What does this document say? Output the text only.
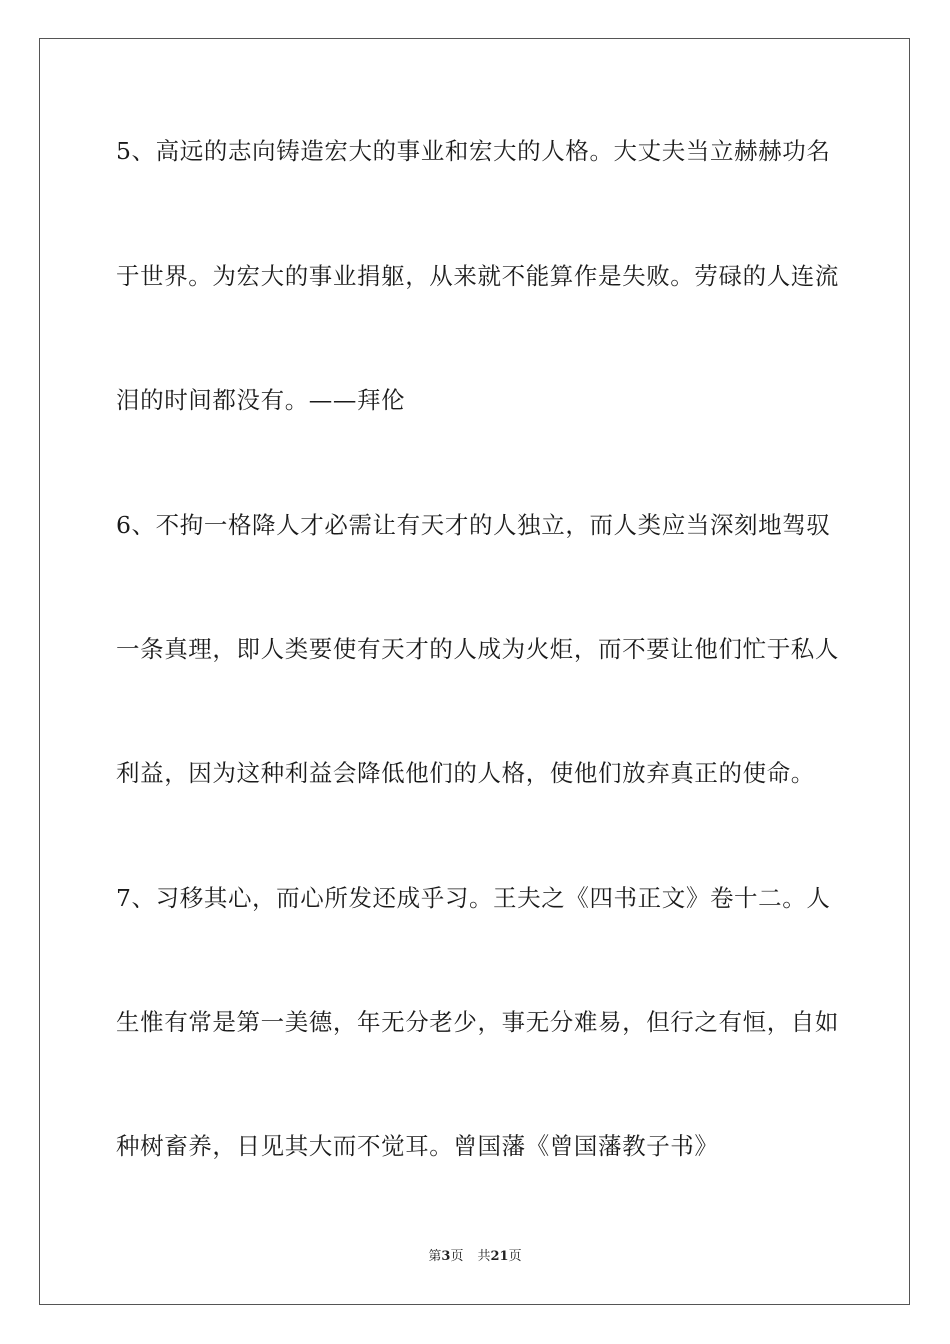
5、高远的志向铸造宏大的事业和宏大的人格。大丈夫当立赫赫功名
于世界。为宏大的事业捐躯，从来就不能算作是失败。劳碌的人连流
泪的时间都没有。——拜伦
6、不拘一格降人才必需让有天才的人独立，而人类应当深刻地驾驭
一条真理，即人类要使有天才的人成为火炬，而不要让他们忙于私人
利益，因为这种利益会降低他们的人格，使他们放弃真正的使命。
7、习移其心，而心所发还成乎习。王夫之《四书正文》卷十二。人
生惟有常是第一美德，年无分老少，事无分难易，但行之有恒，自如
种树畜养，日见其大而不觉耳。曾国藩《曾国藩教子书》
第3页 共21页
